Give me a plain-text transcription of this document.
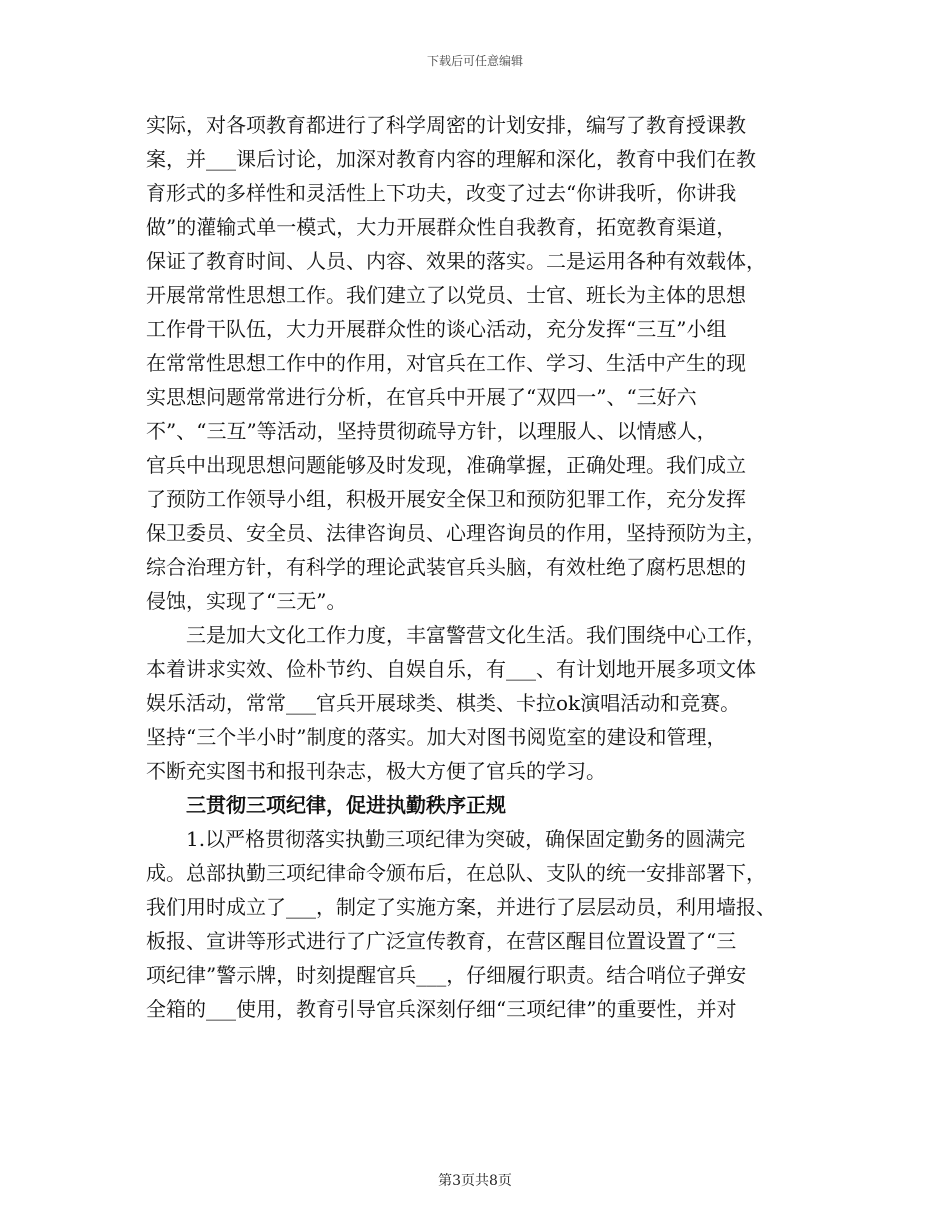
下载后可任意编辑
实际，对各项教育都进行了科学周密的计划安排，编写了教育授课教
案，并___课后讨论，加深对教育内容的理解和深化，教育中我们在教
育形式的多样性和灵活性上下功夫，改变了过去“你讲我听，你讲我
做”的灌输式单一模式，大力开展群众性自我教育，拓宽教育渠道，
保证了教育时间、人员、内容、效果的落实。二是运用各种有效载体，
开展常常性思想工作。我们建立了以党员、士官、班长为主体的思想
工作骨干队伍，大力开展群众性的谈心活动，充分发挥“三互”小组
在常常性思想工作中的作用，对官兵在工作、学习、生活中产生的现
实思想问题常常进行分析，在官兵中开展了“双四一”、“三好六
不”、“三互”等活动，坚持贯彻疏导方针，以理服人、以情感人，
官兵中出现思想问题能够及时发现，准确掌握，正确处理。我们成立
了预防工作领导小组，积极开展安全保卫和预防犯罪工作，充分发挥
保卫委员、安全员、法律咨询员、心理咨询员的作用，坚持预防为主，
综合治理方针，有科学的理论武装官兵头脑，有效杜绝了腐朽思想的
侵蚀，实现了“三无”。
三是加大文化工作力度，丰富警营文化生活。我们围绕中心工作，
本着讲求实效、俭朴节约、自娱自乐，有___、有计划地开展多项文体
娱乐活动，常常___官兵开展球类、棋类、卡拉ok演唱活动和竞赛。
坚持“三个半小时”制度的落实。加大对图书阅览室的建设和管理，
不断充实图书和报刊杂志，极大方便了官兵的学习。
三贯彻三项纪律，促进执勤秩序正规
1.以严格贯彻落实执勤三项纪律为突破，确保固定勤务的圆满完
成。总部执勤三项纪律命令颁布后，在总队、支队的统一安排部署下，
我们用时成立了___，制定了实施方案，并进行了层层动员，利用墙报、
板报、宣讲等形式进行了广泛宣传教育，在营区醒目位置设置了“三
项纪律”警示牌，时刻提醒官兵___，仔细履行职责。结合哨位子弹安
全箱的___使用，教育引导官兵深刻仔细“三项纪律”的重要性，并对
第3页共8页
